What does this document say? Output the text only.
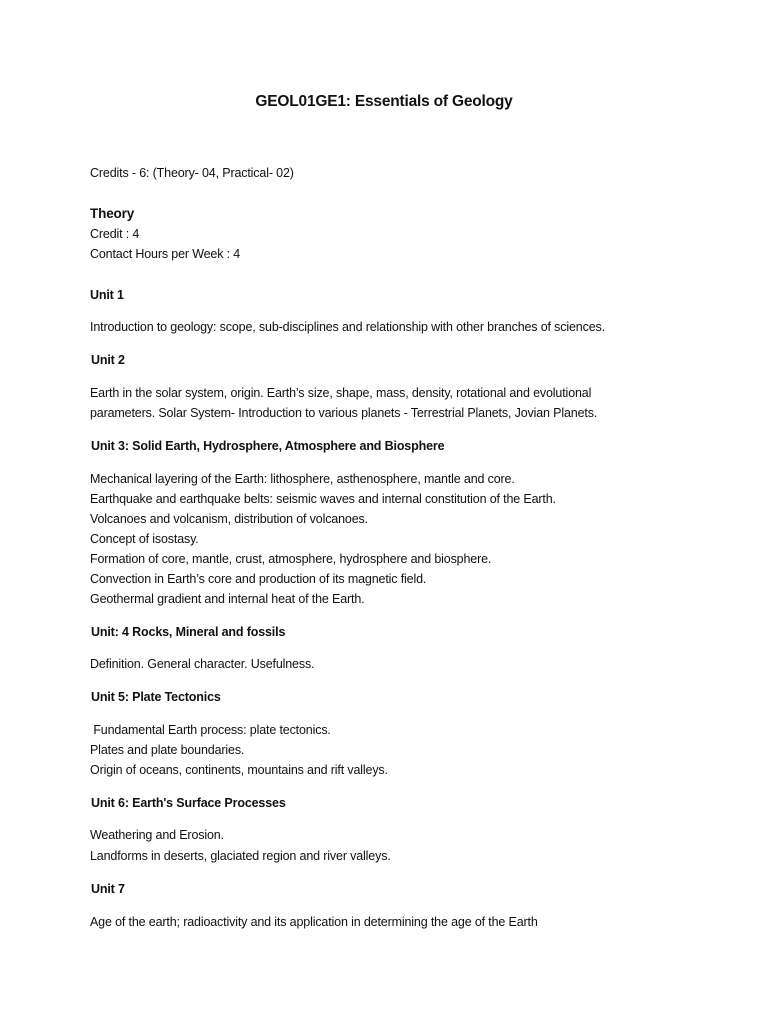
GEOL01GE1: Essentials of Geology
Credits - 6: (Theory- 04, Practical- 02)
Theory
Credit : 4
Contact Hours per Week : 4
Unit 1
Introduction to geology: scope, sub-disciplines and relationship with other branches of sciences.
Unit 2
Earth in the solar system, origin. Earth’s size, shape, mass, density, rotational and evolutional
parameters. Solar System- Introduction to various planets - Terrestrial Planets, Jovian Planets.
Unit 3: Solid Earth, Hydrosphere, Atmosphere and Biosphere
Mechanical layering of the Earth: lithosphere, asthenosphere, mantle and core.
Earthquake and earthquake belts: seismic waves and internal constitution of the Earth.
Volcanoes and volcanism, distribution of volcanoes.
Concept of isostasy.
Formation of core, mantle, crust, atmosphere, hydrosphere and biosphere.
Convection in Earth’s core and production of its magnetic field.
Geothermal gradient and internal heat of the Earth.
Unit: 4 Rocks, Mineral and fossils
Definition. General character. Usefulness.
Unit 5: Plate Tectonics
Fundamental Earth process: plate tectonics.
Plates and plate boundaries.
Origin of oceans, continents, mountains and rift valleys.
Unit 6: Earth's Surface Processes
Weathering and Erosion.
Landforms in deserts, glaciated region and river valleys.
Unit 7
Age of the earth; radioactivity and its application in determining the age of the Earth
